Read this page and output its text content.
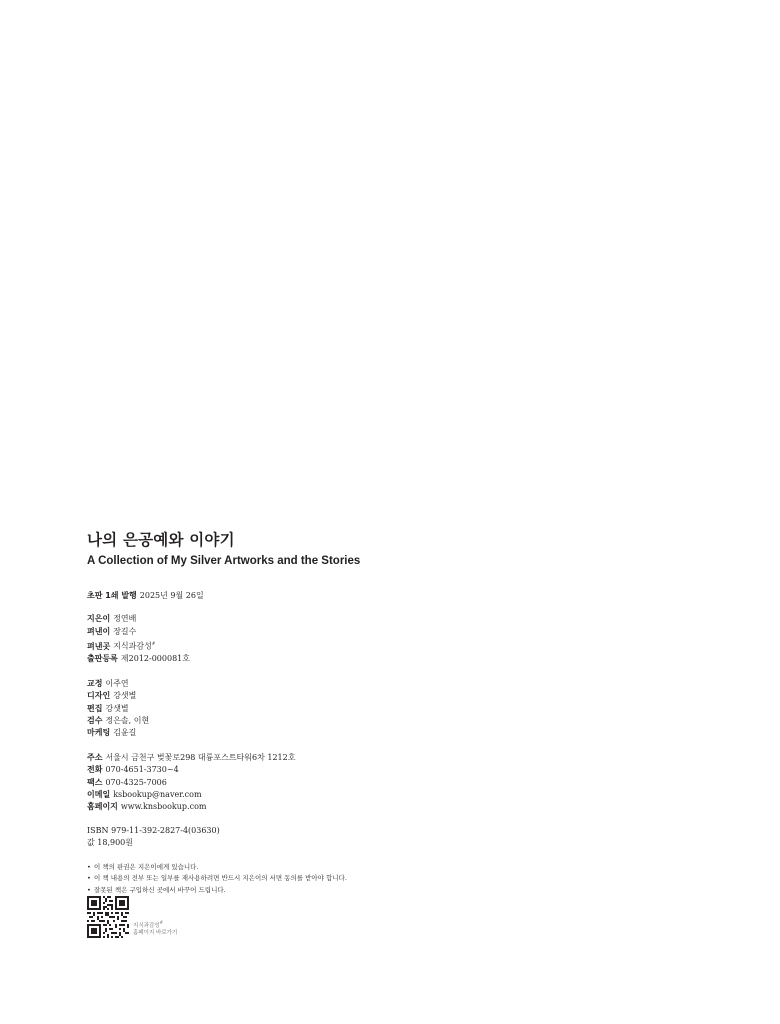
나의 은공예와 이야기
A Collection of My Silver Artworks and the Stories
초판 1쇄 발행 2025년 9월 26일
지은이 정연배
펴낸이 장길수
펴낸곳 지식과감성#
출판등록 제2012-000081호
교정 이주연
디자인 강샛별
편집 강샛별
검수 정은솔, 이현
마케팅 김윤길
주소 서울시 금천구 벚꽃로298 대륭포스트타워6차 1212호
전화 070-4651-3730~4
팩스 070-4325-7006
이메일 ksbookup@naver.com
홈페이지 www.knsbookup.com
ISBN 979-11-392-2827-4(03630)
값 18,900원
• 이 책의 판권은 지은이에게 있습니다.
• 이 책 내용의 전부 또는 일부를 재사용하려면 반드시 지은이의 서면 동의를 받아야 합니다.
• 잘못된 책은 구입하신 곳에서 바꾸어 드립니다.
지식과감성#
홈페이지 바로가기
